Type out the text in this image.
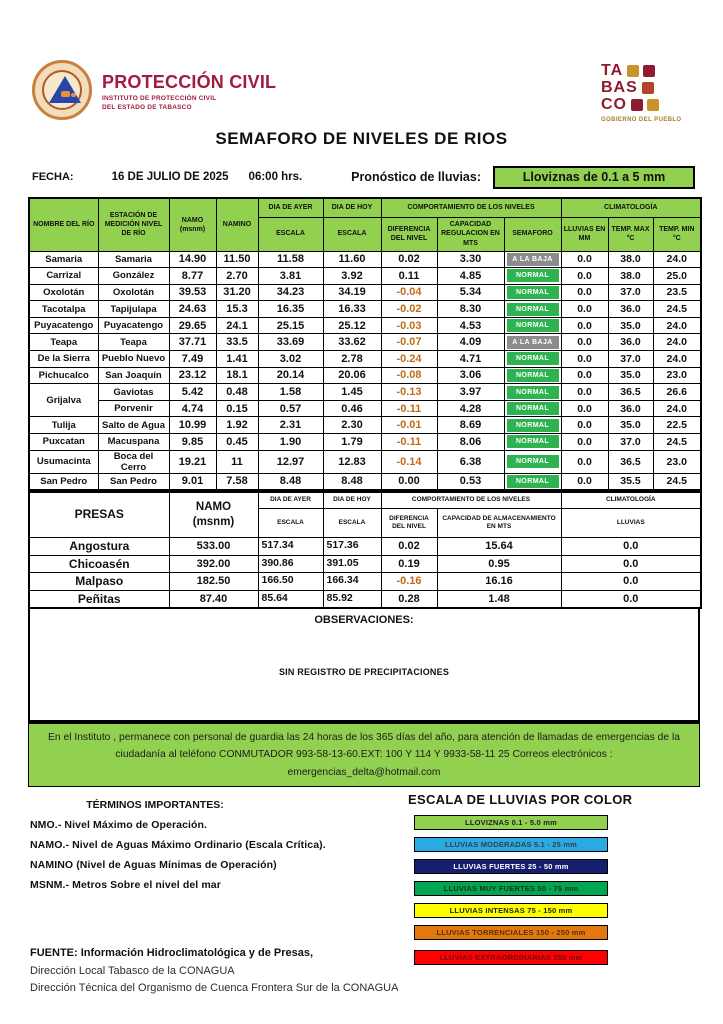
PROTECCIÓN CIVIL
INSTITUTO DE PROTECCIÓN CIVIL
DEL ESTADO DE TABASCO
TA
BAS
CO
GOBIERNO DEL PUEBLO
SEMAFORO DE NIVELES DE RIOS
FECHA:	16 DE JULIO DE 2025 06:00 hrs.	Pronóstico de lluvias:	Lloviznas de 0.1 a 5 mm
NOMBRE DEL RÍO	ESTACIÓN DE MEDICIÓN NIVEL DE RÍO	NAMO
(msnm)	NAMINO	DIA DE AYER	DIA DE HOY	COMPORTAMIENTO DE LOS NIVELES			CLIMATOLOGÍA		
				ESCALA	ESCALA	DIFERENCIA DEL NIVEL	CAPACIDAD REGULACION EN MTS	SEMAFORO	LLUVIAS EN MM	TEMP. MAX °C	TEMP. MIN °C
Samaria	Samaria	14.90	11.50	11.58	11.60	0.02	3.30	A LA BAJA	0.0	38.0	24.0
Carrizal	González	8.77	2.70	3.81	3.92	0.11	4.85	NORMAL	0.0	38.0	25.0
Oxolotán	Oxolotán	39.53	31.20	34.23	34.19	-0.04	5.34	NORMAL	0.0	37.0	23.5
Tacotalpa	Tapijulapa	24.63	15.3	16.35	16.33	-0.02	8.30	NORMAL	0.0	36.0	24.5
Puyacatengo	Puyacatengo	29.65	24.1	25.15	25.12	-0.03	4.53	NORMAL	0.0	35.0	24.0
Teapa	Teapa	37.71	33.5	33.69	33.62	-0.07	4.09	A LA BAJA	0.0	36.0	24.0
De la Sierra	Pueblo Nuevo	7.49	1.41	3.02	2.78	-0.24	4.71	NORMAL	0.0	37.0	24.0
Pichucalco	San Joaquín	23.12	18.1	20.14	20.06	-0.08	3.06	NORMAL	0.0	35.0	23.0
Grijalva	Gaviotas	5.42	0.48	1.58	1.45	-0.13	3.97	NORMAL	0.0	36.5	26.6
	Porvenir	4.74	0.15	0.57	0.46	-0.11	4.28	NORMAL	0.0	36.0	24.0
Tulija	Salto de Agua	10.99	1.92	2.31	2.30	-0.01	8.69	NORMAL	0.0	35.0	22.5
Puxcatan	Macuspana	9.85	0.45	1.90	1.79	-0.11	8.06	NORMAL	0.0	37.0	24.5
Usumacinta	Boca del Cerro	19.21	11	12.97	12.83	-0.14	6.38	NORMAL	0.0	36.5	23.0
San Pedro	San Pedro	9.01	7.58	8.48	8.48	0.00	0.53	NORMAL	0.0	35.5	24.5
PRESAS	NAMO
(msnm)	DIA DE AYER	DIA DE HOY	COMPORTAMIENTO DE LOS NIVELES		CLIMATOLOGÍA
		ESCALA	ESCALA	DIFERENCIA DEL NIVEL	CAPACIDAD DE ALMACENAMIENTO EN MTS	LLUVIAS
Angostura	533.00	517.34	517.36	0.02	15.64	0.0
Chicoasén	392.00	390.86	391.05	0.19	0.95	0.0
Malpaso	182.50	166.50	166.34	-0.16	16.16	0.0
Peñitas	87.40	85.64	85.92	0.28	1.48	0.0
OBSERVACIONES:
SIN REGISTRO DE PRECIPITACIONES
En el Instituto , permanece con personal de guardia las 24 horas de los 365 días del año, para atención de llamadas de emergencias de la ciudadanía al teléfono CONMUTADOR 993-58-13-60.EXT: 100 Y 114 Y 9933-58-11 25 Correos electrónicos : emergencias_delta@hotmail.com
TÉRMINOS IMPORTANTES:
NMO.- Nivel Máximo de Operación.
NAMO.- Nivel de Aguas Máximo Ordinario (Escala Crítica).
NAMINO (Nivel de Aguas Mínimas de Operación)
MSNM.- Metros Sobre el nivel del mar
ESCALA DE LLUVIAS POR COLOR
LLOVIZNAS 0.1 - 5.0 mm
LLUVIAS MODERADAS 5.1 - 25 mm
LLUVIAS FUERTES 25 - 50 mm
LLUVIAS MUY FUERTES 50 - 75 mm
LLUVIAS INTENSAS 75 - 150 mm
LLUVIAS TORRENCIALES 150 - 250 mm
LLUVIAS EXTRAORDINARIAS 250 mm
FUENTE: Información Hidroclimatológica y de Presas,
Dirección Local Tabasco de la CONAGUA
Dirección Técnica del Organismo de Cuenca Frontera Sur de la CONAGUA
